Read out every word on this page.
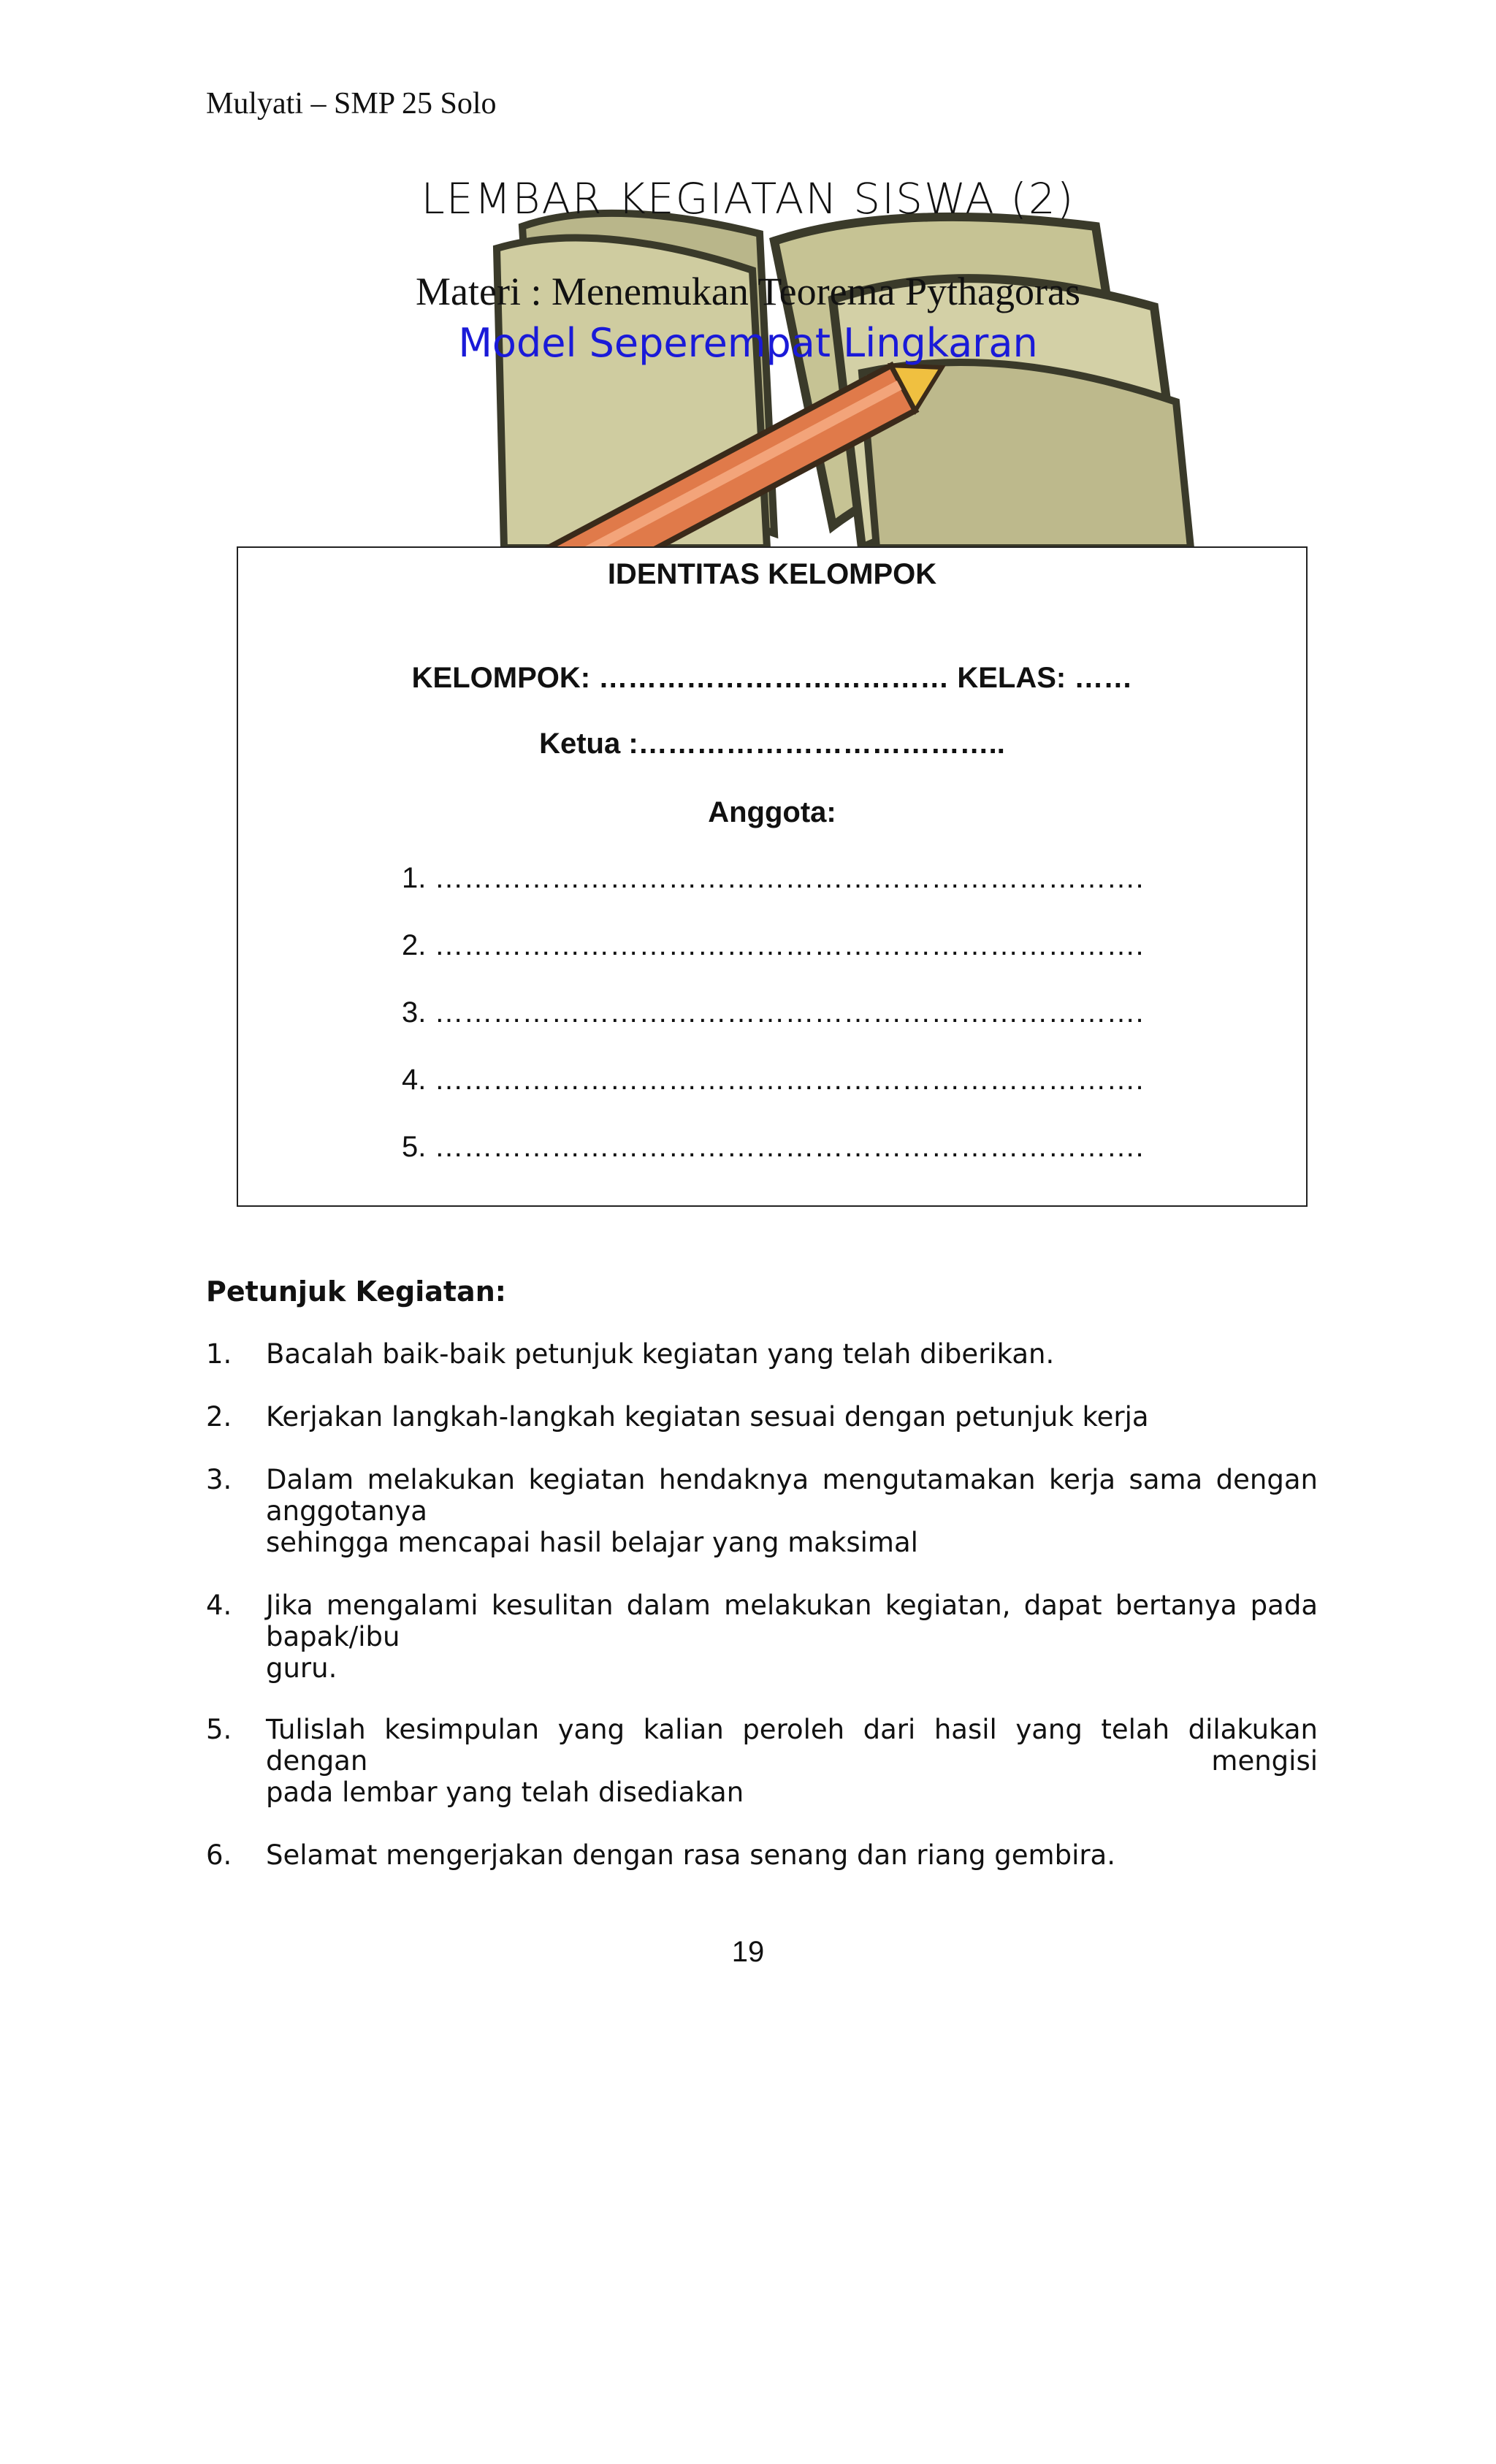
Mulyati – SMP 25 Solo
LEMBAR KEGIATAN SISWA (2)
Materi : Menemukan Teorema Pythagoras
Model Seperempat Lingkaran
IDENTITAS KELOMPOK
KELOMPOK: ……………………………… KELAS: ……
Ketua :………………………………..
Anggota:
1. ……………………………………………………………….
2. ……………………………………………………………….
3. ……………………………………………………………….
4. ……………………………………………………………….
5. ……………………………………………………………….
Petunjuk Kegiatan:
1. Bacalah baik-baik petunjuk kegiatan yang telah diberikan.
2. Kerjakan langkah-langkah kegiatan sesuai dengan petunjuk kerja
3. Dalam melakukan kegiatan hendaknya mengutamakan kerja sama dengan anggotanya
sehingga mencapai hasil belajar yang maksimal
4. Jika mengalami kesulitan dalam melakukan kegiatan, dapat bertanya pada bapak/ibu
guru.
5. Tulislah kesimpulan yang kalian peroleh dari hasil yang telah dilakukan dengan mengisi
pada lembar yang telah disediakan
6. Selamat mengerjakan dengan rasa senang dan riang gembira.
19
